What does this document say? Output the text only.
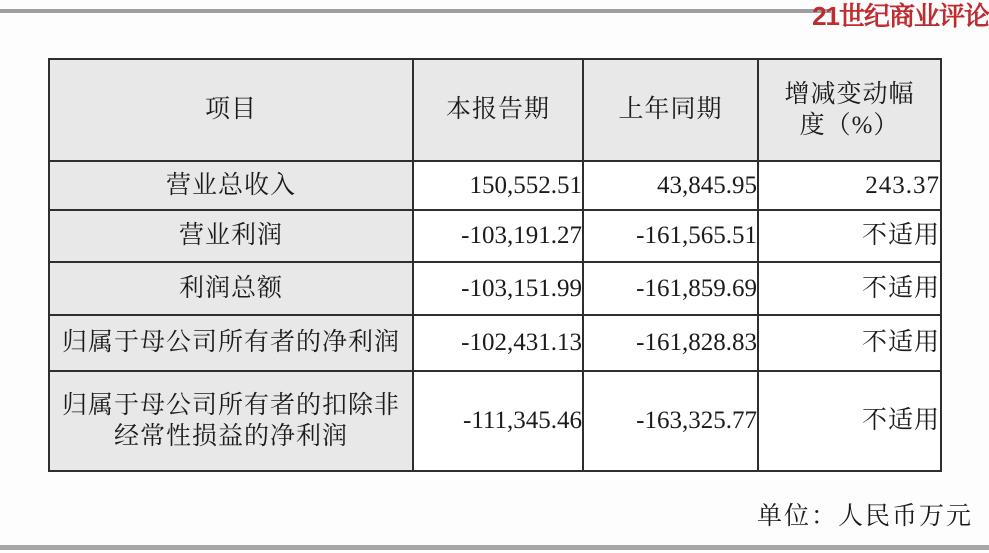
21世纪商业评论
项目	本报告期	上年同期	增减变动幅
度（%）

营业总收入	150,552.51	43,845.95	243.37
营业利润	-103,191.27	-161,565.51	不适用
利润总额	-103,151.99	-161,859.69	不适用
归属于母公司所有者的净利润	-102,431.13	-161,828.83	不适用

归属于母公司所有者的扣除非
经常性损益的净利润	-111,345.46	-163,325.77	不适用
单位：人民币万元
